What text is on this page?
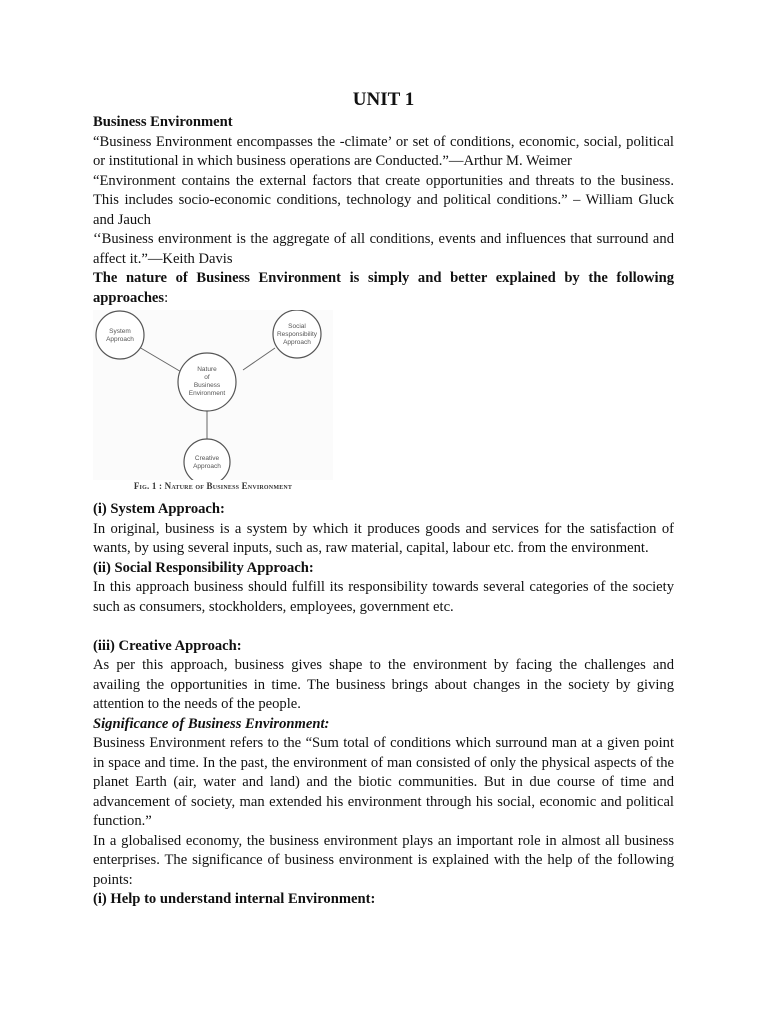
UNIT 1

Business Environment

“Business Environment encompasses the -climate’ or set of conditions, economic, social, political or institutional in which business operations are Conducted.”—Arthur M. Weimer

“Environment contains the external factors that create opportunities and threats to the business. This includes socio-economic conditions, technology and political conditions.” – William Gluck and Jauch

‘‘Business environment is the aggregate of all conditions, events and influences that surround and affect it.”—Keith Davis

The nature of Business Environment is simply and better explained by the following approaches:

System
Approach
Social
Responsibility
Approach
Nature
of
Business
Environment
Creative
Approach
Fig. 1 : Nature of Business Environment

(i) System Approach:

In original, business is a system by which it produces goods and services for the satisfaction of wants, by using several inputs, such as, raw material, capital, labour etc. from the environment.

(ii) Social Responsibility Approach:

In this approach business should fulfill its responsibility towards several categories of the society such as consumers, stockholders, employees, government etc.

(iii) Creative Approach:

As per this approach, business gives shape to the environment by facing the challenges and availing the opportunities in time. The business brings about changes in the society by giving attention to the needs of the people.

Significance of Business Environment:

Business Environment refers to the “Sum total of conditions which surround man at a given point in space and time. In the past, the environment of man consisted of only the physical aspects of the planet Earth (air, water and land) and the biotic communities. But in due course of time and advancement of society, man extended his environment through his social, economic and political function.”

In a globalised economy, the business environment plays an important role in almost all business enterprises. The significance of business environment is explained with the help of the following points:

(i) Help to understand internal Environment:
